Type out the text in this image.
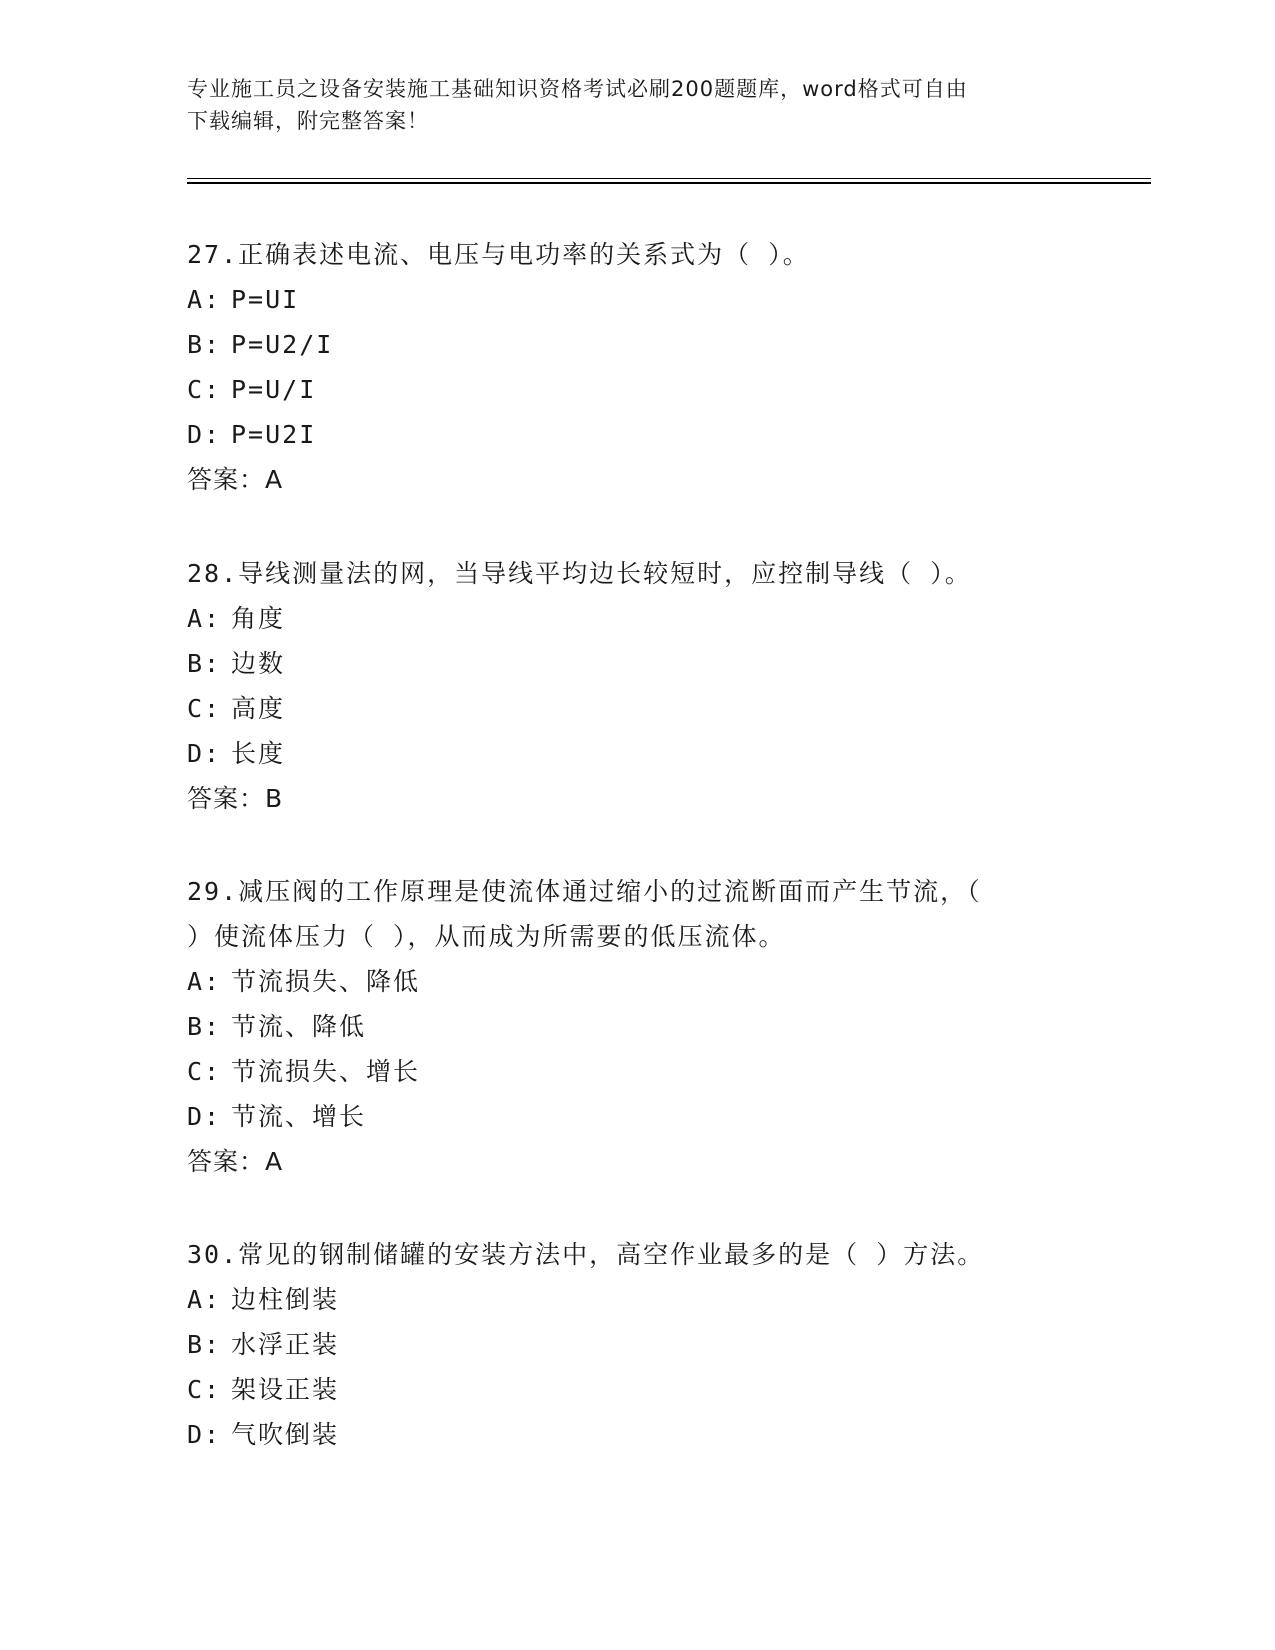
专业施工员之设备安装施工基础知识资格考试必刷200题题库，word格式可自由
下载编辑，附完整答案！
27.正确表述电流、电压与电功率的关系式为（ ）。
A: P=UI
B: P=U2/I
C: P=U/I
D: P=U2I
答案：A
28.导线测量法的网，当导线平均边长较短时，应控制导线（ ）。
A: 角度
B: 边数
C: 高度
D: 长度
答案：B
29.减压阀的工作原理是使流体通过缩小的过流断面而产生节流，（
）使流体压力（ ），从而成为所需要的低压流体。
A: 节流损失、降低
B: 节流、降低
C: 节流损失、增长
D: 节流、增长
答案：A
30.常见的钢制储罐的安装方法中，高空作业最多的是（ ）方法。
A: 边柱倒装
B: 水浮正装
C: 架设正装
D: 气吹倒装
